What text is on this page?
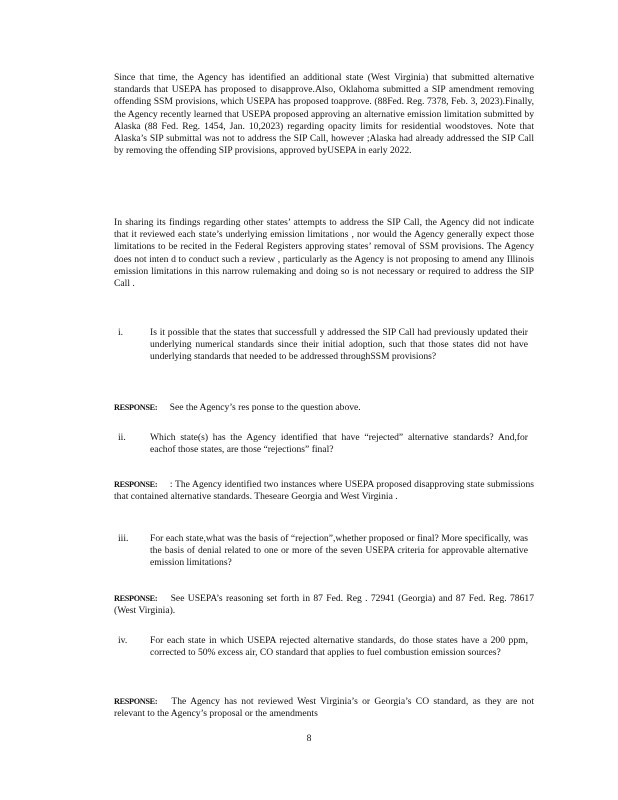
Since that time, the Agency has identified an additional state (West Virginia) that submitted alternative standards that USEPA has proposed to disapprove.Also, Oklahoma submitted a SIP amendment removing offending SSM provisions, which USEPA has proposed toapprove. (88Fed. Reg. 7378, Feb. 3, 2023).Finally, the Agency recently learned that USEPA proposed approving an alternative emission limitation submitted by Alaska (88 Fed. Reg. 1454, Jan. 10,2023) regarding opacity limits for residential woodstoves. Note that Alaska’s SIP submittal was not to address the SIP Call, however ;Alaska had already addressed the SIP Call by removing the offending SIP provisions, approved byUSEPA in early 2022.

In sharing its findings regarding other states’ attempts to address the SIP Call, the Agency did not indicate that it reviewed each state’s underlying emission limitations , nor would the Agency generally expect those limitations to be recited in the Federal Registers approving states’ removal of SSM provisions. The Agency does not inten d to conduct such a review , particularly as the Agency is not proposing to amend any Illinois emission limitations in this narrow rulemaking and doing so is not necessary or required to address the SIP Call .

i.	Is it possible that the states that successfull y addressed the SIP Call had previously updated their underlying numerical standards since their initial adoption, such that those states did not have underlying standards that needed to be addressed throughSSM provisions?

RESPONSE: See the Agency’s res ponse to the question above.

ii.	Which state(s) has the Agency identified that have “rejected” alternative standards? And,for eachof those states, are those “rejections” final?

RESPONSE: : The Agency identified two instances where USEPA proposed disapproving state submissions that contained alternative standards. Theseare Georgia and West Virginia .

iii.	For each state,what was the basis of “rejection”,whether proposed or final? More specifically, was the basis of denial related to one or more of the seven USEPA criteria for approvable alternative emission limitations?

RESPONSE: See USEPA’s reasoning set forth in 87 Fed. Reg . 72941 (Georgia) and 87 Fed. Reg. 78617 (West Virginia).

iv.	For each state in which USEPA rejected alternative standards, do those states have a 200 ppm, corrected to 50% excess air, CO standard that applies to fuel combustion emission sources?

RESPONSE: The Agency has not reviewed West Virginia’s or Georgia’s CO standard, as they are not relevant to the Agency’s proposal or the amendments

8
